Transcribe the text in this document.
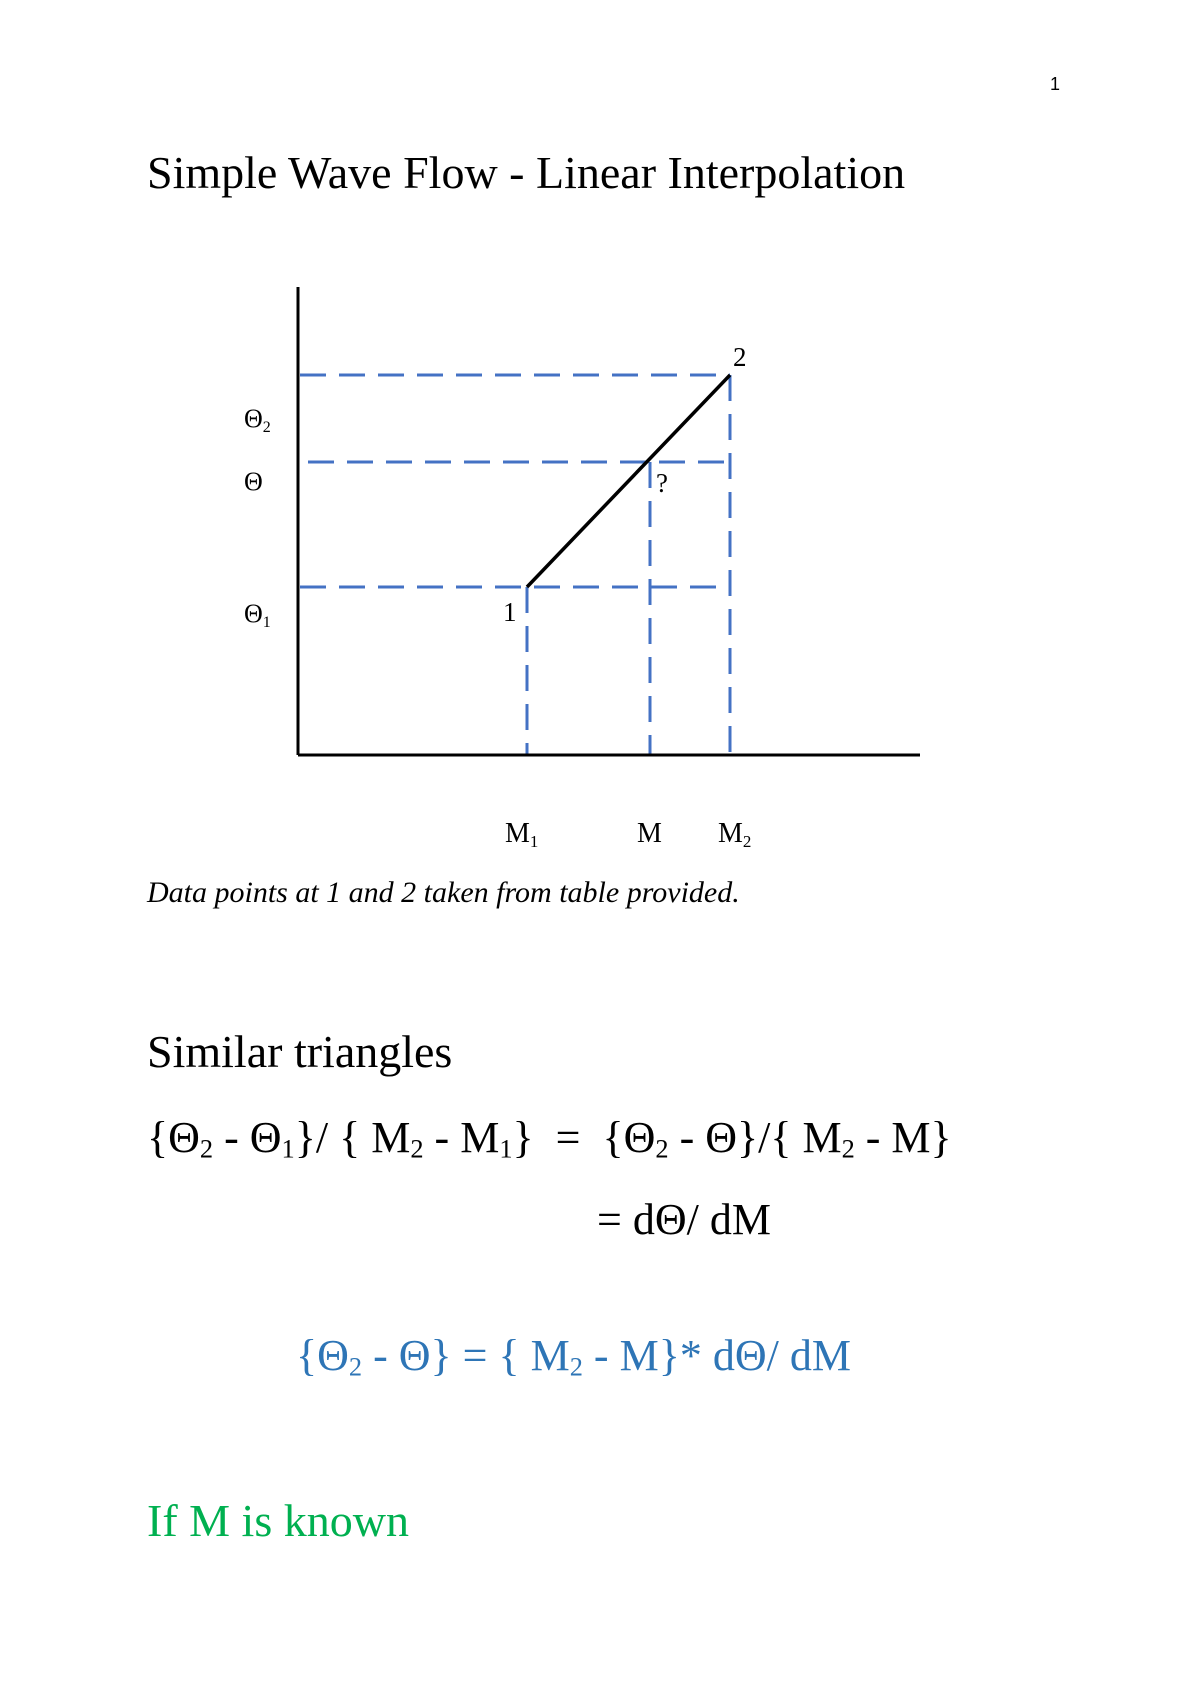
1
Simple Wave Flow - Linear Interpolation
2
1
?
Θ2
Θ
Θ1
M1	M M2
Data points at 1 and 2 taken from table provided.
Similar triangles
$\{\Theta_2 - \Theta_1\}/$ { $M_2 - M_1\} = \{\Theta_2 - \Theta\}/${ $M_2 - M$}
= dΘ/ dM
$\{\Theta_2 - \Theta\}$ = { $M_2 - M\}*$ dΘ/ dM
If M is known
